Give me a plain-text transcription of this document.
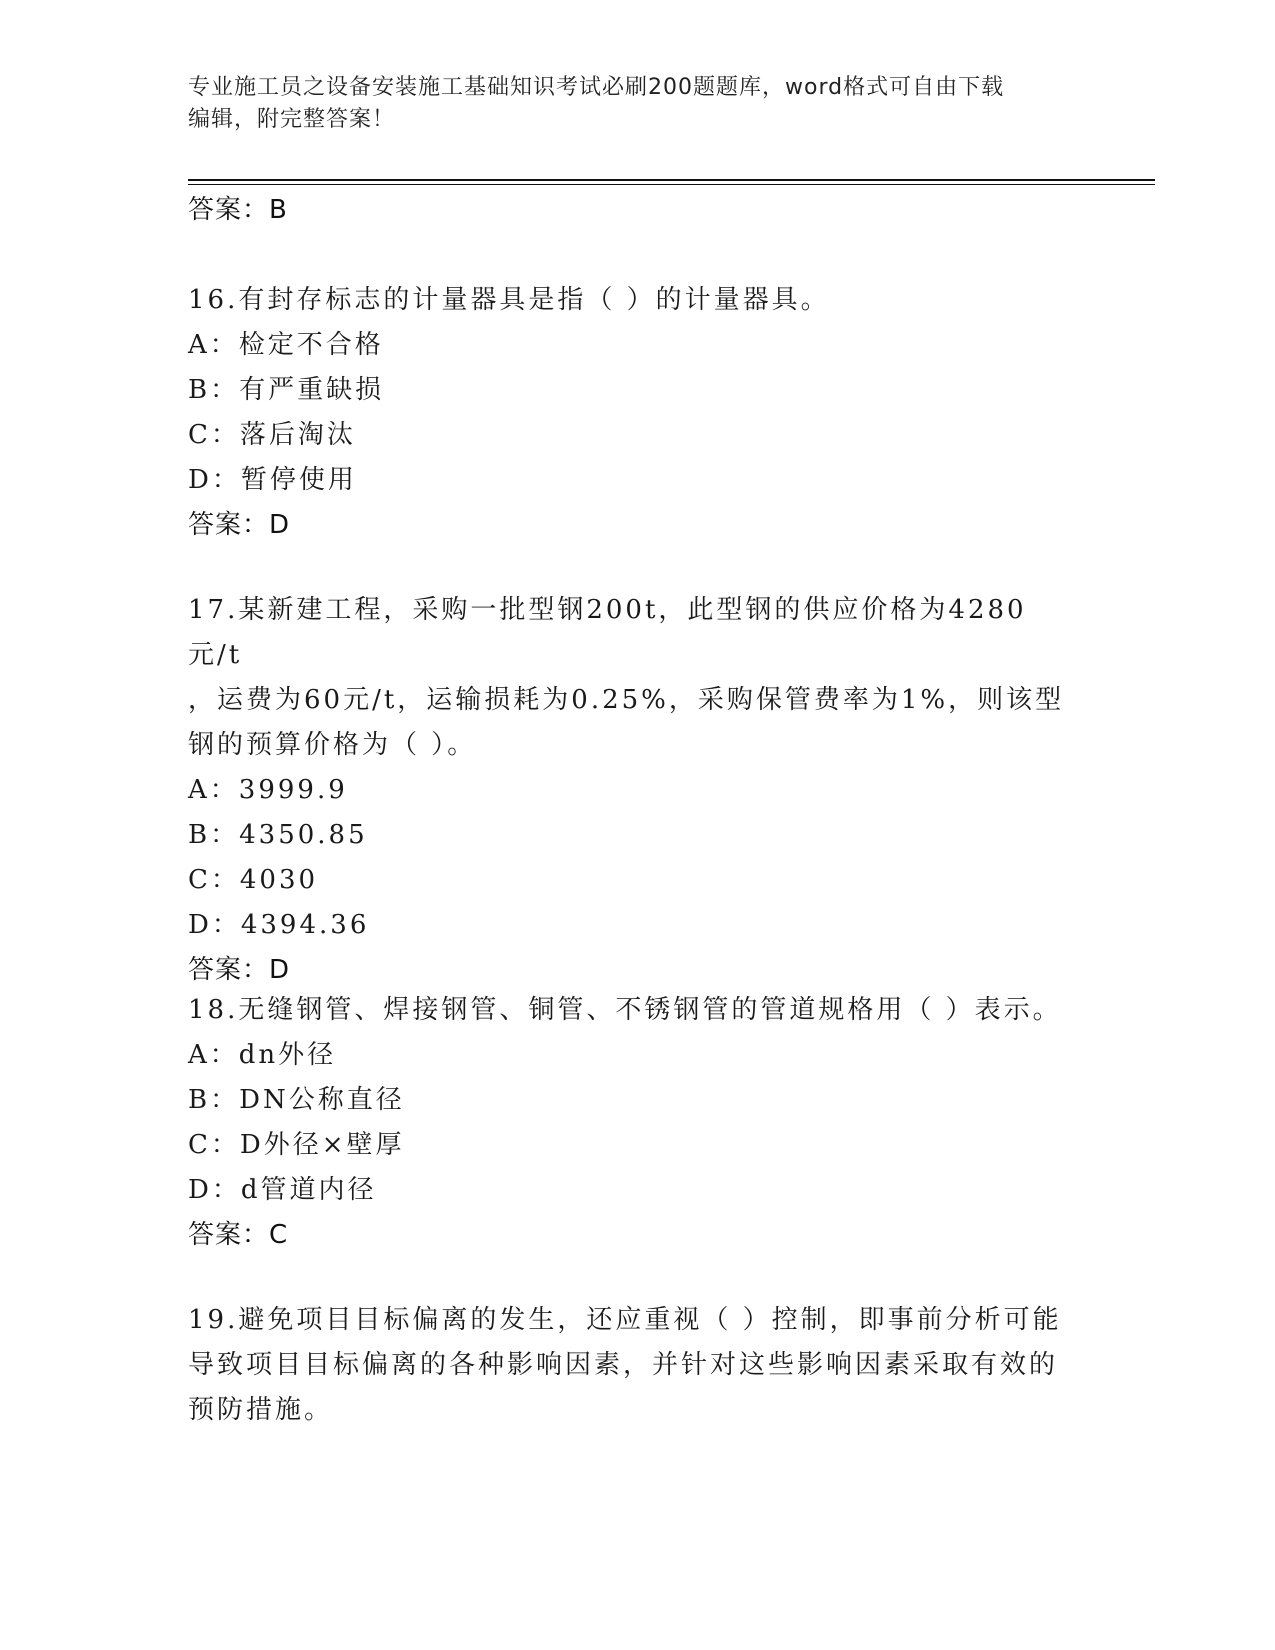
专业施工员之设备安装施工基础知识考试必刷200题题库，word格式可自由下载
编辑，附完整答案！
答案：B
16.有封存标志的计量器具是指（ ）的计量器具。
A：检定不合格
B：有严重缺损
C：落后淘汰
D：暂停使用
答案：D
17.某新建工程，采购一批型钢200t，此型钢的供应价格为4280元/t
，运费为60元/t，运输损耗为0.25%，采购保管费率为1%，则该型
钢的预算价格为（ ）。
A：3999.9
B：4350.85
C：4030
D：4394.36
答案：D
18.无缝钢管、焊接钢管、铜管、不锈钢管的管道规格用（ ）表示。
A：dn外径
B：DN公称直径
C：D外径×壁厚
D：d管道内径
答案：C
19.避免项目目标偏离的发生，还应重视（ ）控制，即事前分析可能
导致项目目标偏离的各种影响因素，并针对这些影响因素采取有效的
预防措施。
